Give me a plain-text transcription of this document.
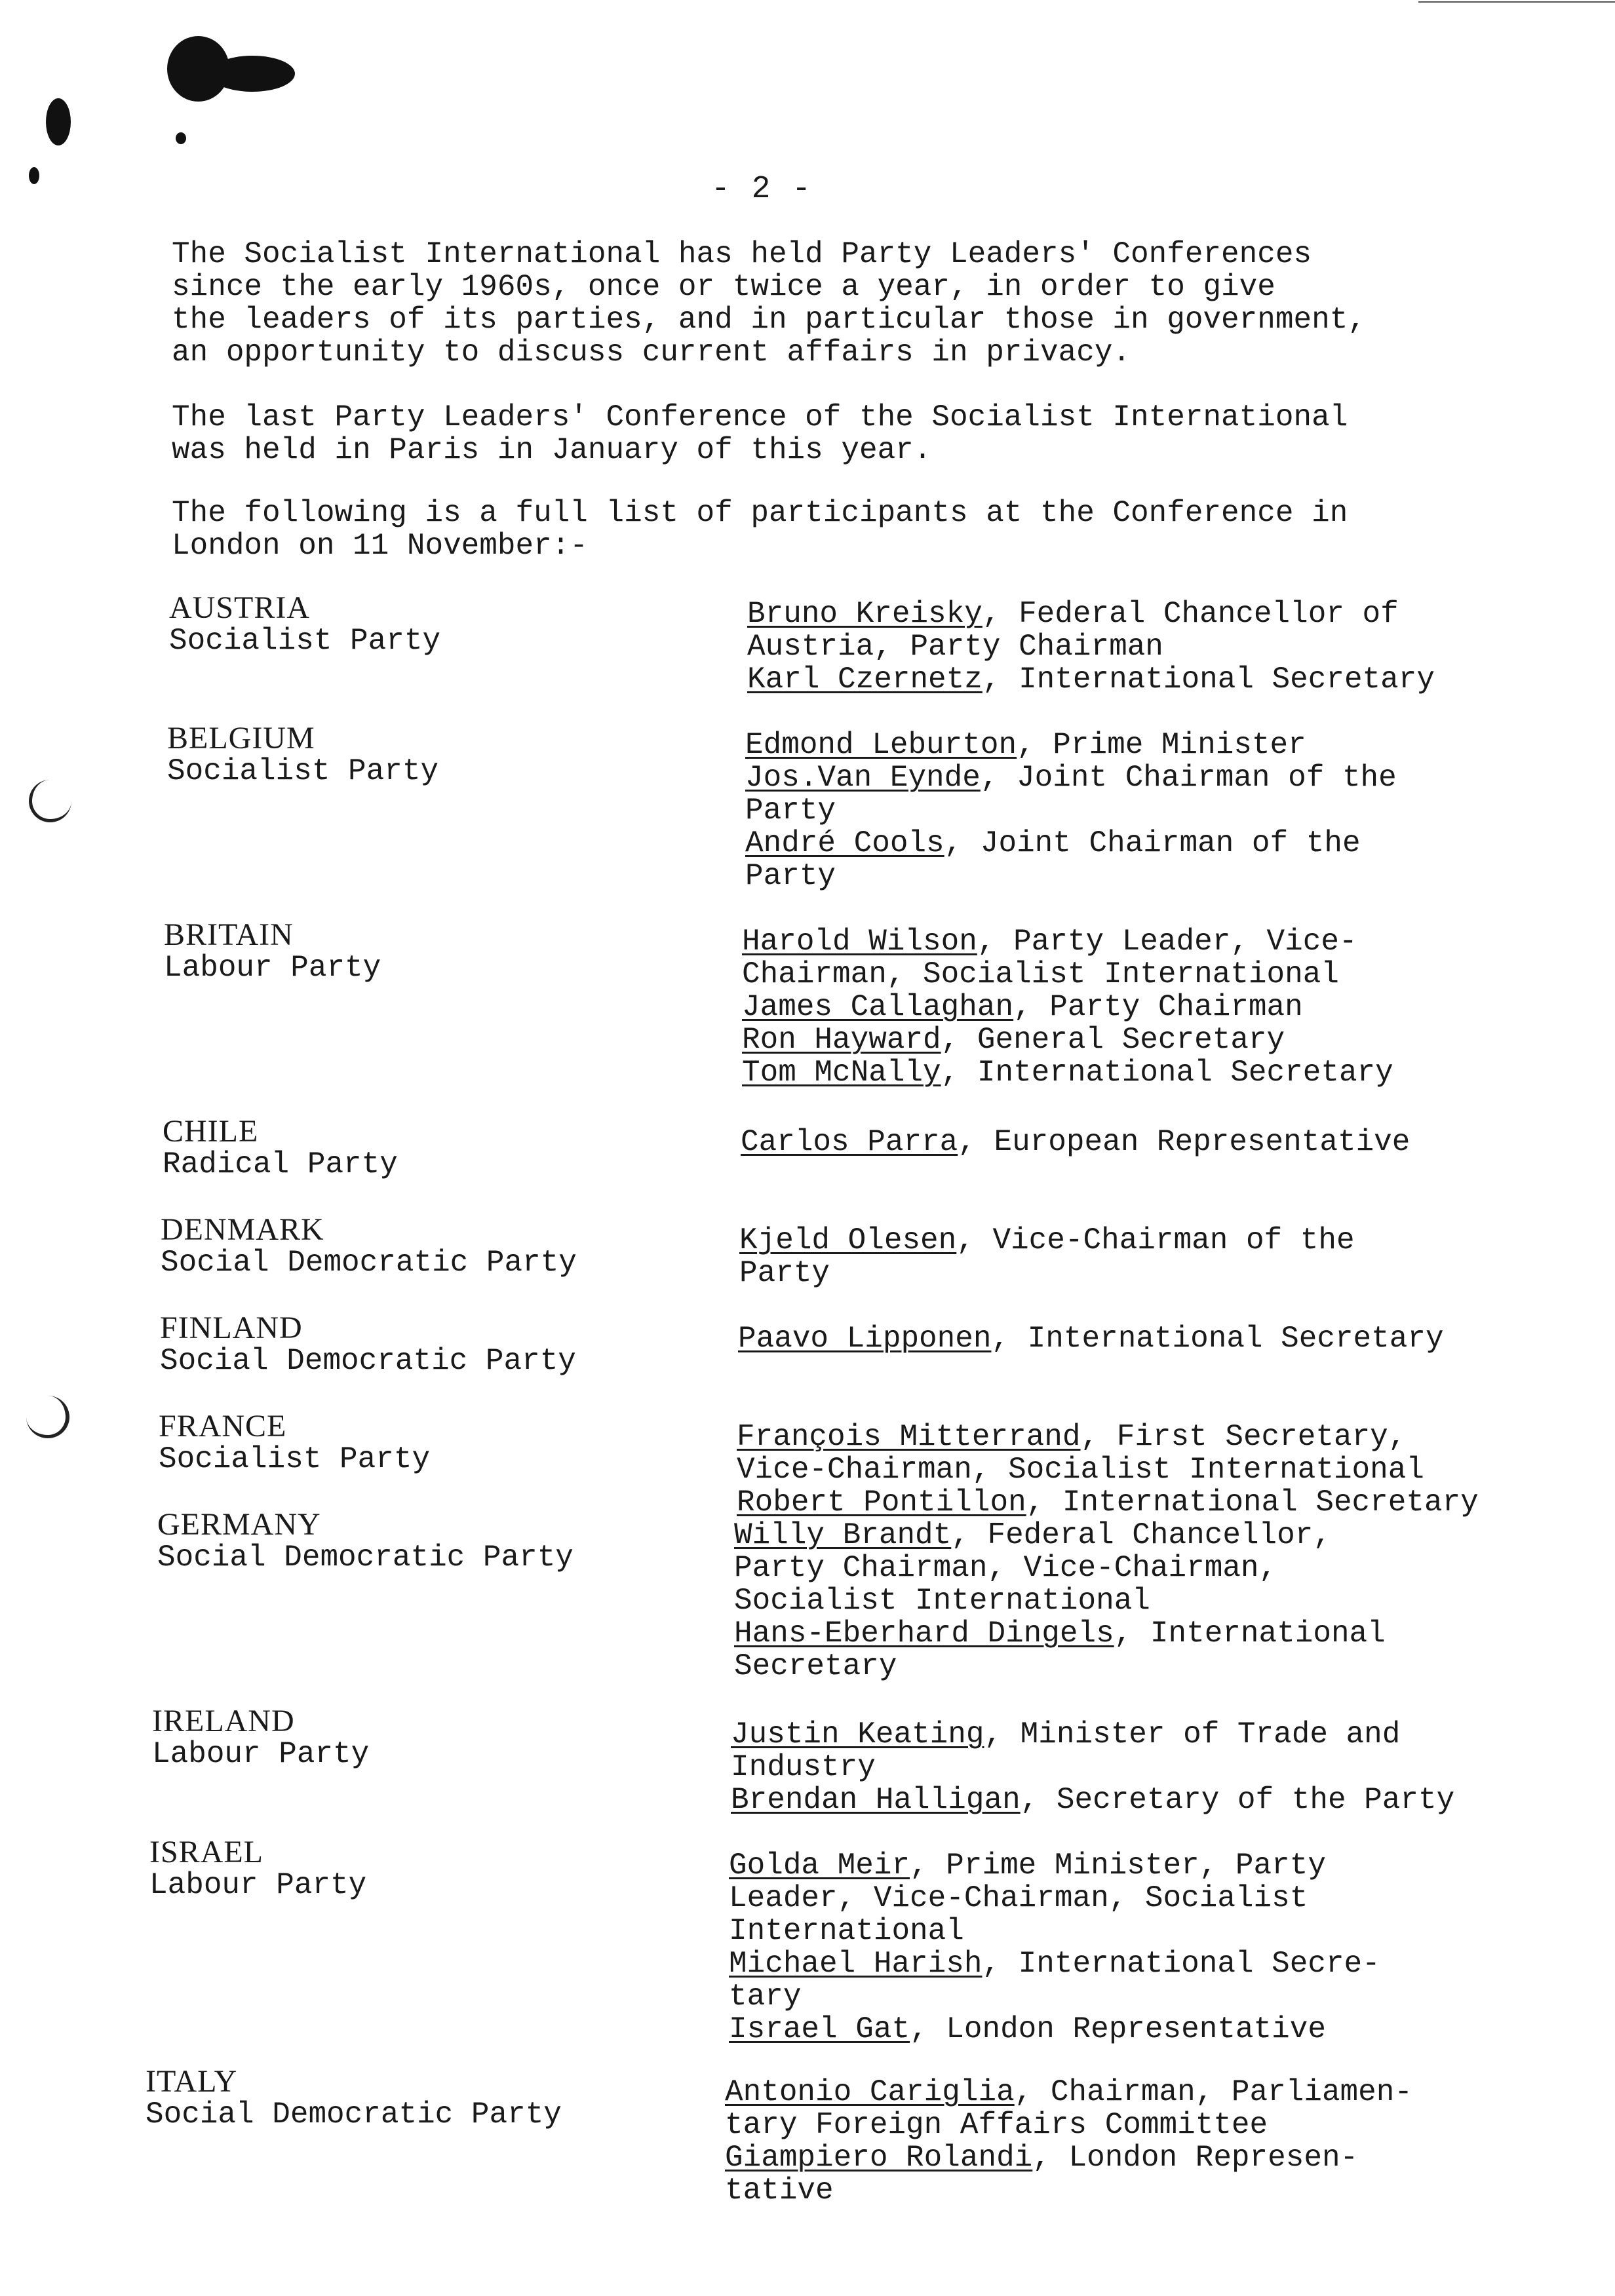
- 2 -
The Socialist International has held Party Leaders' Conferences
since the early 1960s, once or twice a year, in order to give
the leaders of its parties, and in particular those in government,
an opportunity to discuss current affairs in privacy.
The last Party Leaders' Conference of the Socialist International
was held in Paris in January of this year.
The following is a full list of participants at the Conference in
London on 11 November:-
AUSTRIA
Socialist Party
Bruno Kreisky, Federal Chancellor of
Austria, Party Chairman
Karl Czernetz, International Secretary
BELGIUM
Socialist Party
Edmond Leburton, Prime Minister
Jos.Van Eynde, Joint Chairman of the
Party
André Cools, Joint Chairman of the
Party
BRITAIN
Labour Party
Harold Wilson, Party Leader, Vice-
Chairman, Socialist International
James Callaghan, Party Chairman
Ron Hayward, General Secretary
Tom McNally, International Secretary
CHILE
Radical Party
Carlos Parra, European Representative
DENMARK
Social Democratic Party
Kjeld Olesen, Vice-Chairman of the
Party
FINLAND
Social Democratic Party
Paavo Lipponen, International Secretary
FRANCE
Socialist Party
François Mitterrand, First Secretary,
Vice-Chairman, Socialist International
Robert Pontillon, International Secretary
GERMANY
Social Democratic Party
Willy Brandt, Federal Chancellor,
Party Chairman, Vice-Chairman,
Socialist International
Hans-Eberhard Dingels, International
Secretary
IRELAND
Labour Party
Justin Keating, Minister of Trade and
Industry
Brendan Halligan, Secretary of the Party
ISRAEL
Labour Party
Golda Meir, Prime Minister, Party
Leader, Vice-Chairman, Socialist
International
Michael Harish, International Secre-
tary
Israel Gat, London Representative
ITALY
Social Democratic Party
Antonio Cariglia, Chairman, Parliamen-
tary Foreign Affairs Committee
Giampiero Rolandi, London Represen-
tative
